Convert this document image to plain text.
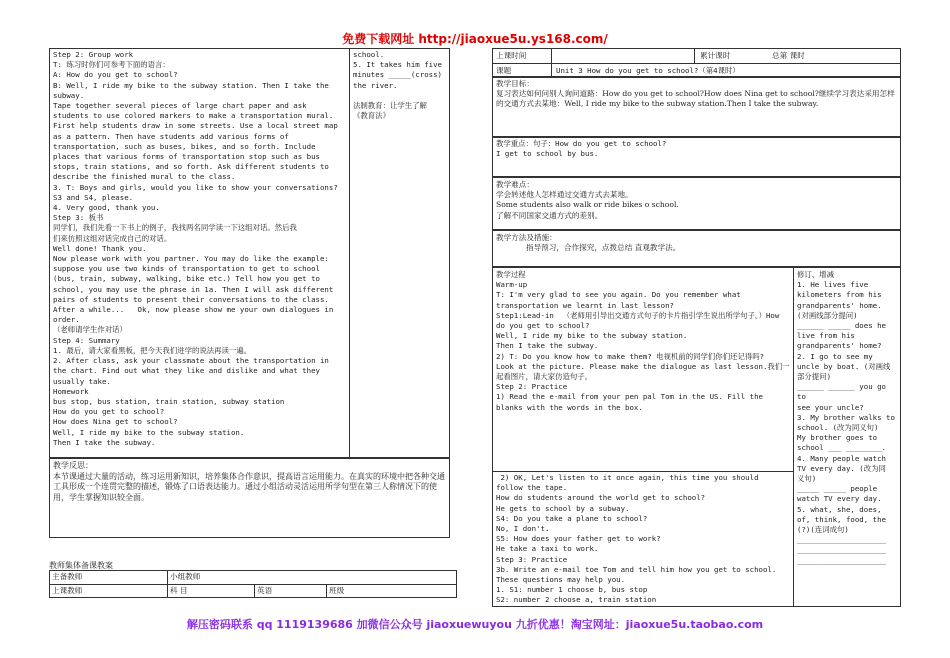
免费下载网址 http://jiaoxue5u.ys168.com/
Step 2: Group work
T: 练习时你们可参考下面的语言：
A: How do you get to school?
B: Well, I ride my bike to the subway station. Then I take the
subway.
Tape together several pieces of large chart paper and ask
students to use colored markers to make a transportation mural.
First help students draw in some streets. Use a local street map
as a pattern. Then have students add various forms of
transportation, such as buses, bikes, and so forth. Include
places that various forms of transportation stop such as bus
stops, train stations, and so forth. Ask different students to
describe the finished mural to the class.
3. T: Boys and girls, would you like to show your conversations?
S3 and S4, please.
4. Very good, thank you.
Step 3: 板书
同学们，我们先看一下书上的例子，我找两名同学读一下这组对话。然后我
们来仿照这组对话完成自己的对话。
Well done! Thank you.
Now please work with you partner. You may do like the example:
suppose you use two kinds of transportation to get to school
(bus, train, subway, walking, bike etc.) Tell how you get to
school, you may use the phrase in 1a. Then I will ask different
pairs of students to present their conversations to the class.
After a while...   Ok, now please show me your own dialogues in
order.
（老师请学生作对话）
Step 4: Summary
1. 最后，请大家看黑板，把今天我们进学的说法再读一遍。
2. After class, ask your classmate about the transportation in
the chart. Find out what they like and dislike and what they
usually take.
Homework
bus stop, bus station, train station, subway station
How do you get to school?
How does Nina get to school?
Well, I ride my bike to the subway station.
Then I take the subway.
school.
5. It takes him five
minutes _____(cross)
the river.

法制教育：让学生了解
《教育法》
教学反思：
本节课通过大量的活动，练习运用新知识，培养集体合作意识，提高语言运用能力。在真实的环境中把各种交通工具形成一个连贯完整的描述，锻炼了口语表达能力。通过小组活动灵活运用所学句型在第三人称情况下的使用，学生掌握知识较全面。
教师集体备课教案
主备教师	小组教师
上课教师	科 目	英语	班级
上课时间	累计课时	总第 课时
课题	Unit 3 How do you get to school?（第4课时）
教学目标：
复习表达如何问别人询问道路：How do you get to school?How does Nina get to school?继续学习表达采用怎样的交通方式去某地：Well, I ride my bike to the subway station.Then I take the subway.
教学重点：句子：How do you get to school?
I get to school by bus.
教学难点：
学会转述他人怎样通过交通方式去某地。
Some students also walk or ride bikes o school.
了解不同国家交通方式的差别。
教学方法及措施：
指导预习，合作探究，点拨总结 直观教学法。
教学过程
Warm-up
T: I'm very glad to see you again. Do you remember what
transportation we learnt in last lesson?
Step1:Lead-in  （老师用引导出交通方式句子的卡片指引学生说出所学句子。）How do you get to school?
Well, I ride my bike to the subway station.
Then I take the subway.
2) T: Do you know how to make them? 电视机前的同学们你们还记得吗?
Look at the picture. Please make the dialogue as last lesson.我们一起看图片，请大家仿造句子。
Step 2: Practice
1) Read the e-mail from your pen pal Tom in the US. Fill the
blanks with the words in the box.
2) OK, Let's listen to it once again, this time you should
follow the tape.
How do students around the world get to school?
He gets to school by a subway.
S4: Do you take a plane to school?
No, I don't.
S5: How does your father get to work?
He take a taxi to work.
Step 3: Practice
3b. Write an e-mail toe Tom and tell him how you get to school.
These questions may help you.
1. S1: number 1 choose b, bus stop
S2: number 2 choose a, train station
修订、增减
1. He lives five
kilometers from his
grandparents' home.
(对画线部分提问)
______ _____ does he
live from his
grandparents' home?
2. I go to see my
uncle by boat. (对画线
部分提问)
______ ______ you go to
see your uncle?
3. My brother walks to
school. (改为同义句)
My brother goes to
school ___ ________.
4. Many people watch
TV every day. (改为同
义句)
_____ _____ people
watch TV every day.
5. what, she, does,
of, think, food, the
(?)(连词成句)
____________________
____________________
____________________
解压密码联系 qq 1119139686 加微信公众号 jiaoxuewuyou 九折优惠！淘宝网址：jiaoxue5u.taobao.com
